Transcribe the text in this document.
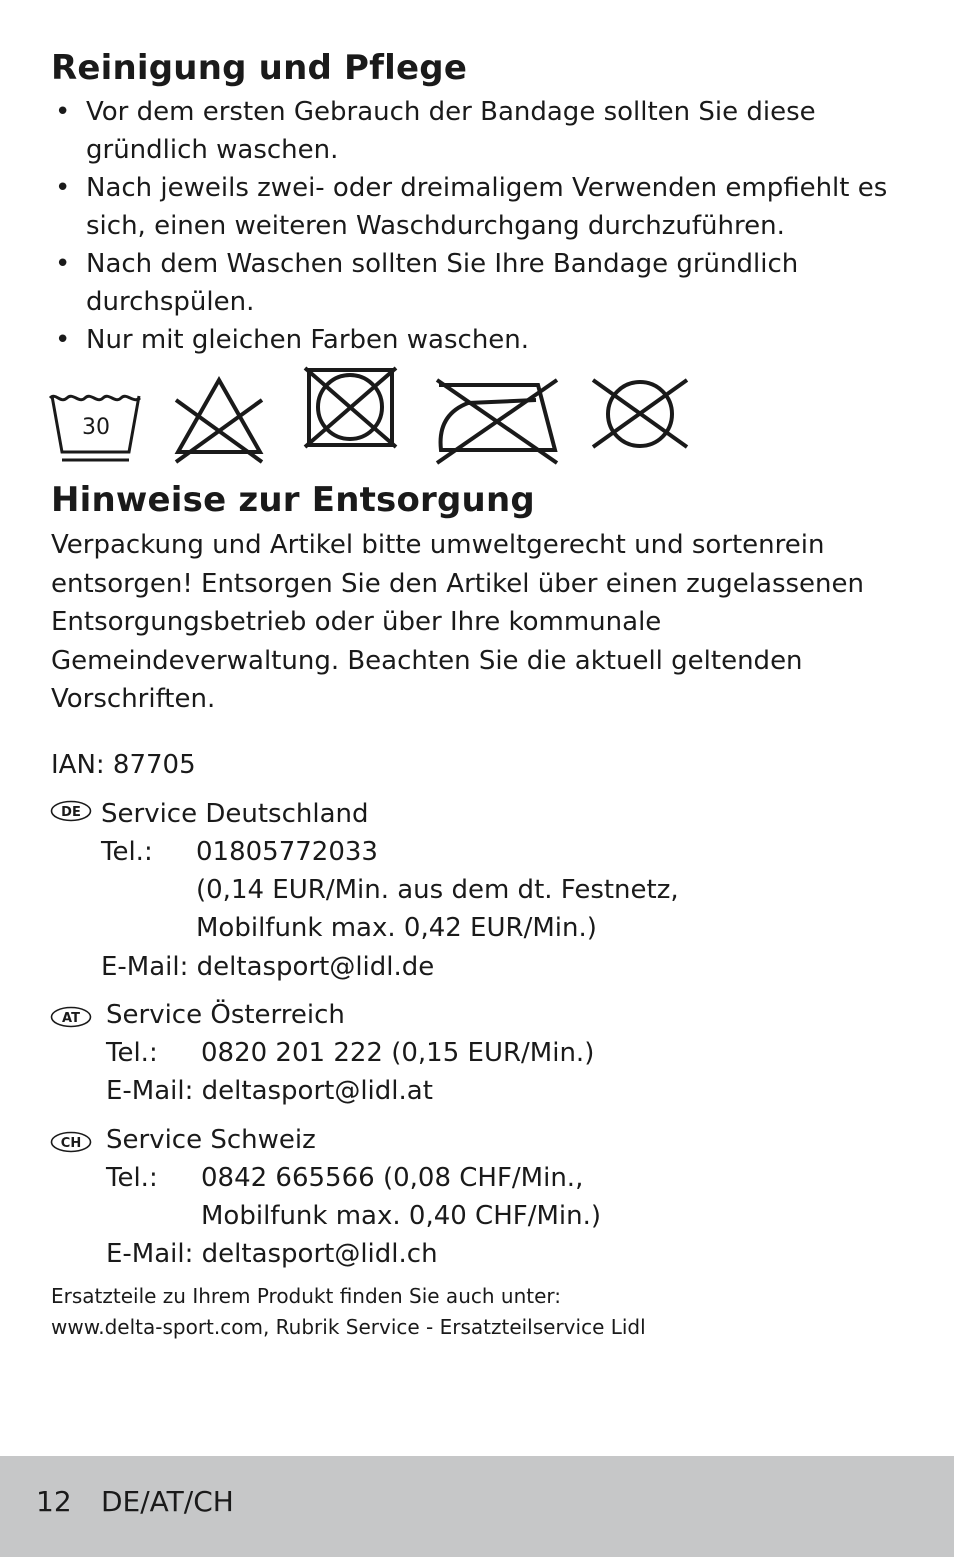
Reinigung und Pflege
• Vor dem ersten Gebrauch der Bandage sollten Sie diese gründlich waschen.
• Nach jeweils zwei- oder dreimaligem Verwenden empfiehlt es sich, einen weiteren Waschdurchgang durchzuführen.
• Nach dem Waschen sollten Sie Ihre Bandage gründlich durchspülen.
• Nur mit gleichen Farben waschen.
30
Hinweise zur Entsorgung
Verpackung und Artikel bitte umweltgerecht und sortenrein entsorgen! Entsorgen Sie den Artikel über einen zugelassenen Entsorgungsbetrieb oder über Ihre kommunale Gemeindeverwaltung. Beachten Sie die aktuell geltenden Vorschriften.
IAN: 87705
DE Service Deutschland
Tel.: 01805772033
(0,14 EUR/Min. aus dem dt. Festnetz,
Mobilfunk max. 0,42 EUR/Min.)
E-Mail: deltasport@lidl.de
AT Service Österreich
Tel.: 0820 201 222 (0,15 EUR/Min.)
E-Mail: deltasport@lidl.at
CH Service Schweiz
Tel.: 0842 665566 (0,08 CHF/Min.,
Mobilfunk max. 0,40 CHF/Min.)
E-Mail: deltasport@lidl.ch
Ersatzteile zu Ihrem Produkt finden Sie auch unter:
www.delta-sport.com, Rubrik Service - Ersatzteilservice Lidl
12 DE/AT/CH
